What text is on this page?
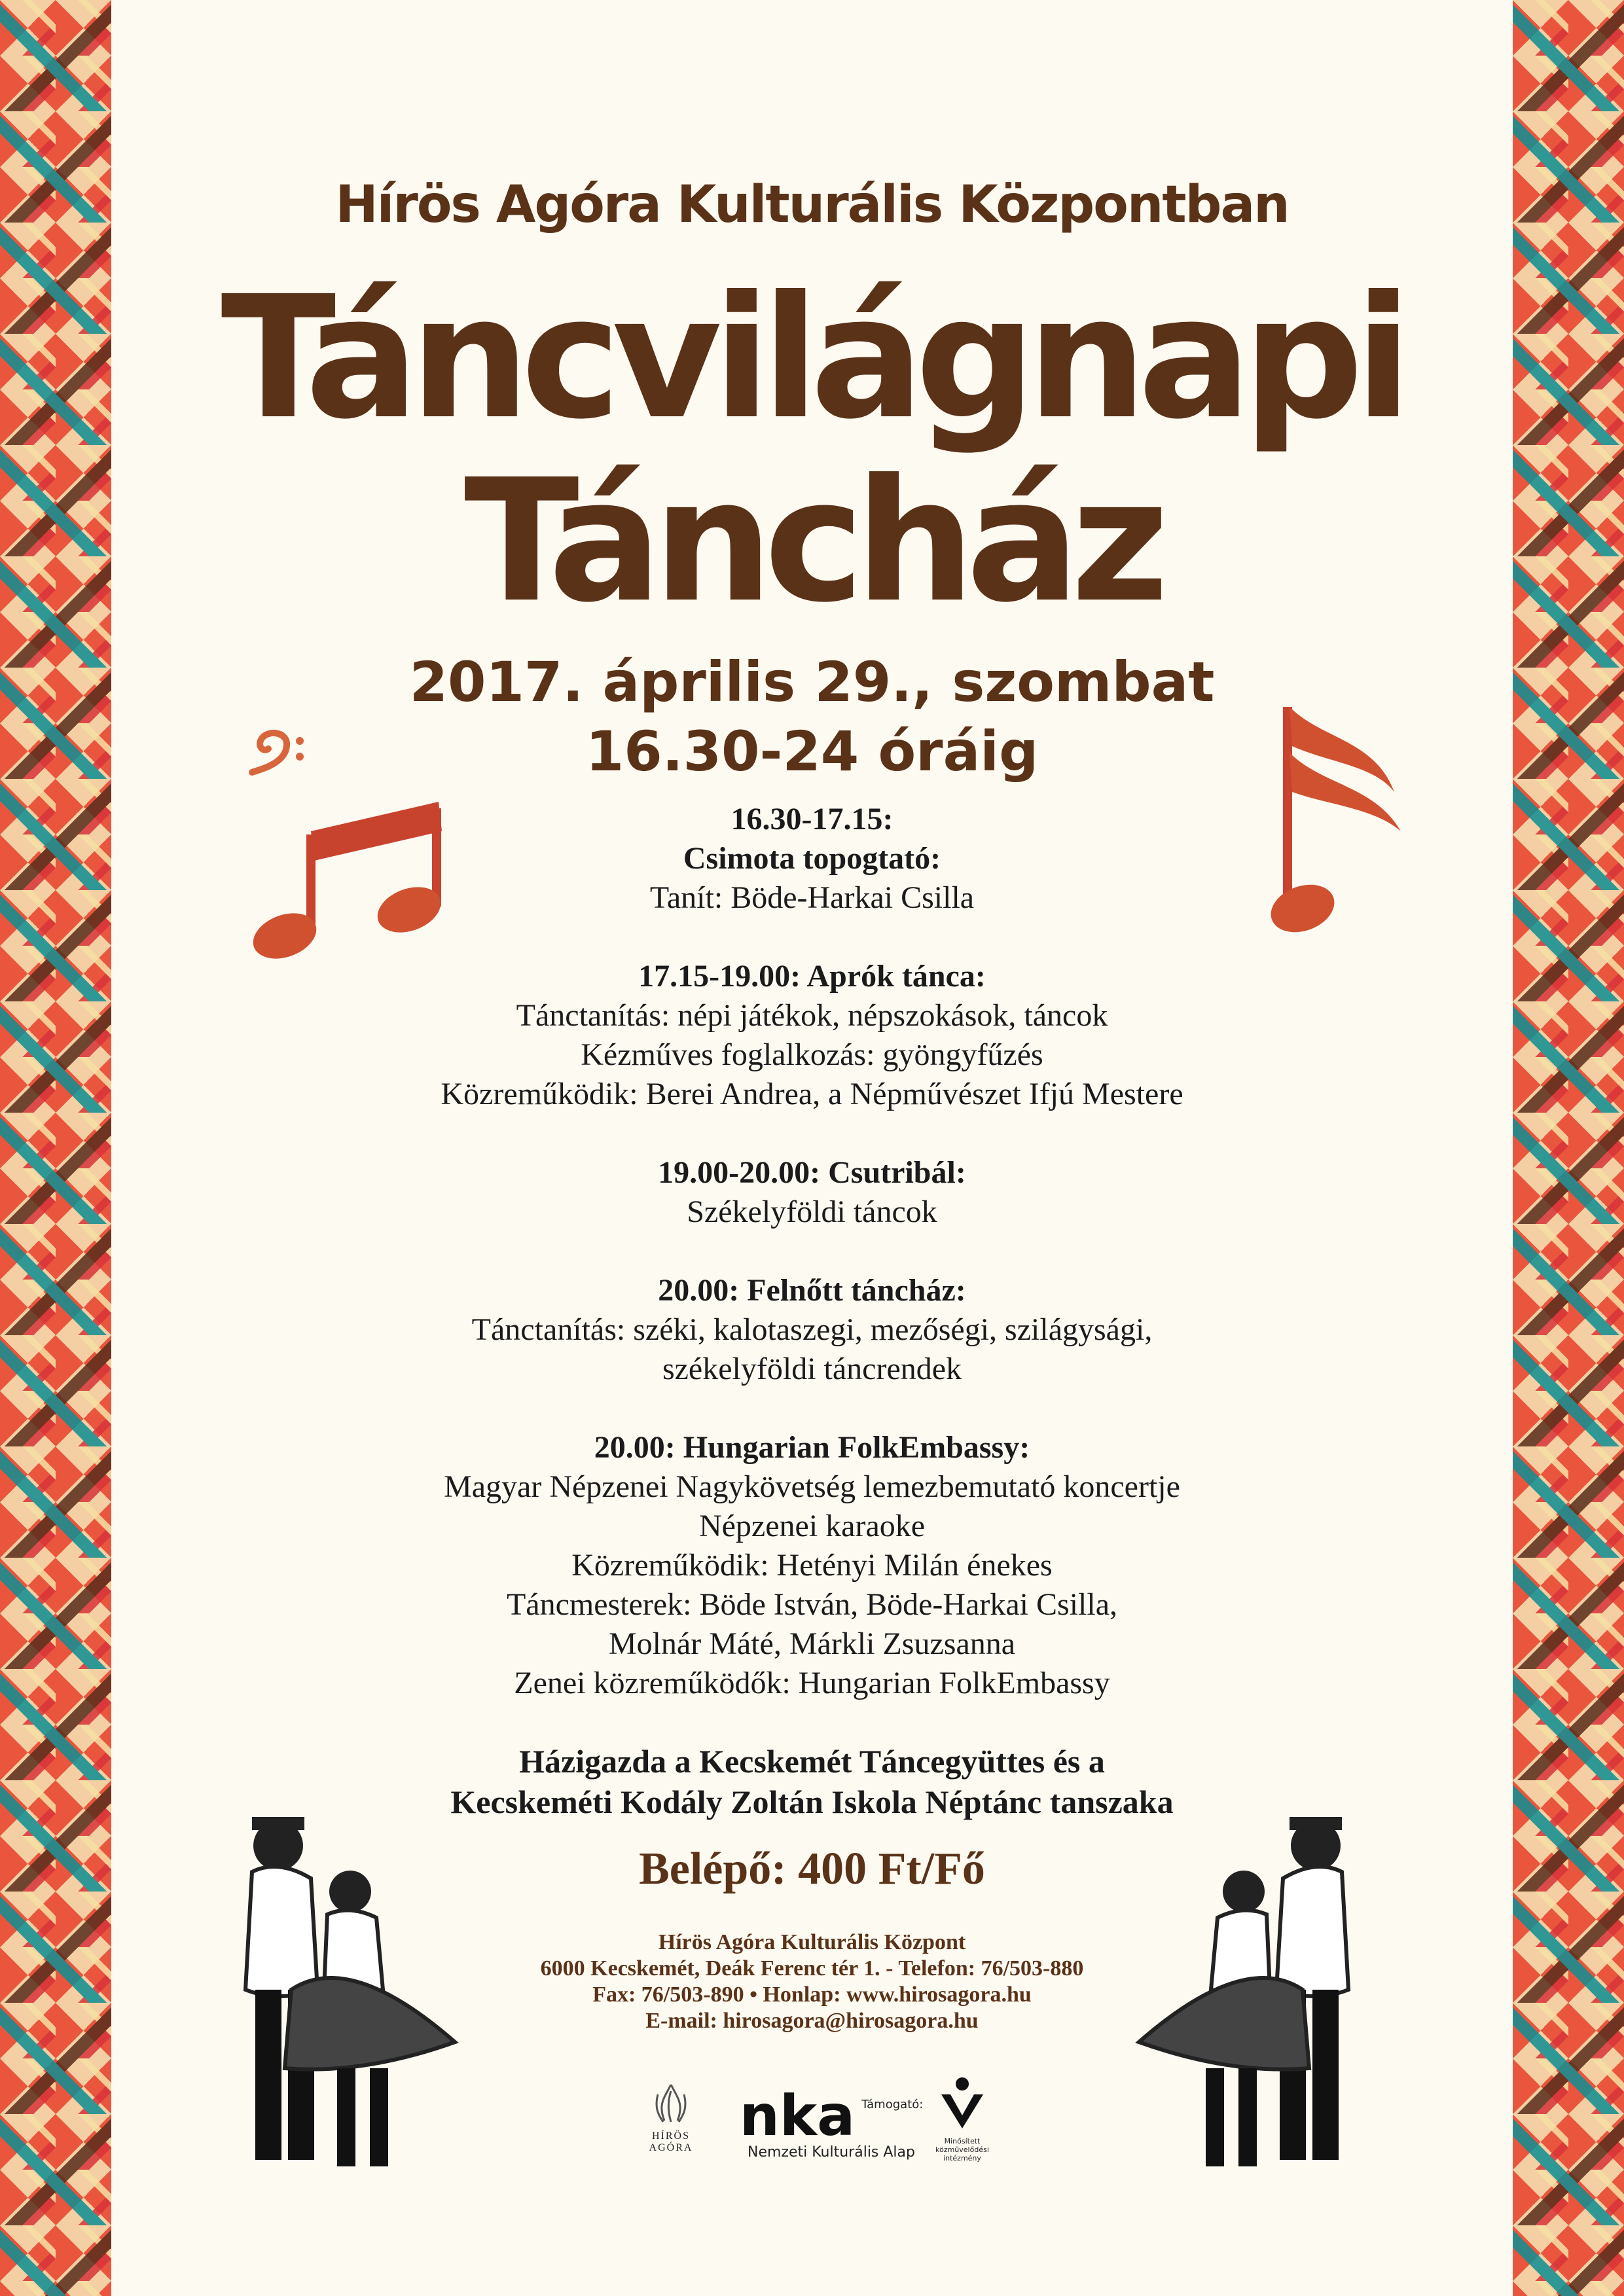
Hírös Agóra Kulturális Központban
Táncvilágnapi
Táncház
2017. április 29., szombat
16.30-24 óráig
16.30-17.15:
Csimota topogtató:
Tanít: Böde-Harkai Csilla
17.15-19.00: Aprók tánca:
Tánctanítás: népi játékok, népszokások, táncok
Kézműves foglalkozás: gyöngyfűzés
Közreműködik: Berei Andrea, a Népművészet Ifjú Mestere
19.00-20.00: Csutribál:
Székelyföldi táncok
20.00: Felnőtt táncház:
Tánctanítás: széki, kalotaszegi, mezőségi, szilágysági,
székelyföldi táncrendek
20.00: Hungarian FolkEmbassy:
Magyar Népzenei Nagykövetség lemezbemutató koncertje
Népzenei karaoke
Közreműködik: Hetényi Milán énekes
Táncmesterek: Böde István, Böde-Harkai Csilla,
Molnár Máté, Márkli Zsuzsanna
Zenei közreműködők: Hungarian FolkEmbassy
Házigazda a Kecskemét Táncegyüttes és a
Kecskeméti Kodály Zoltán Iskola Néptánc tanszaka
Belépő: 400 Ft/Fő
Hírös Agóra Kulturális Központ
6000 Kecskemét, Deák Ferenc tér 1. - Telefon: 76/503-880
Fax: 76/503-890 • Honlap: www.hirosagora.hu
E-mail: hirosagora@hirosagora.hu
HÍRÖS AGÓRA nka Támogató:
Nemzeti Kulturális Alap
Minősített közművelődési intézmény
